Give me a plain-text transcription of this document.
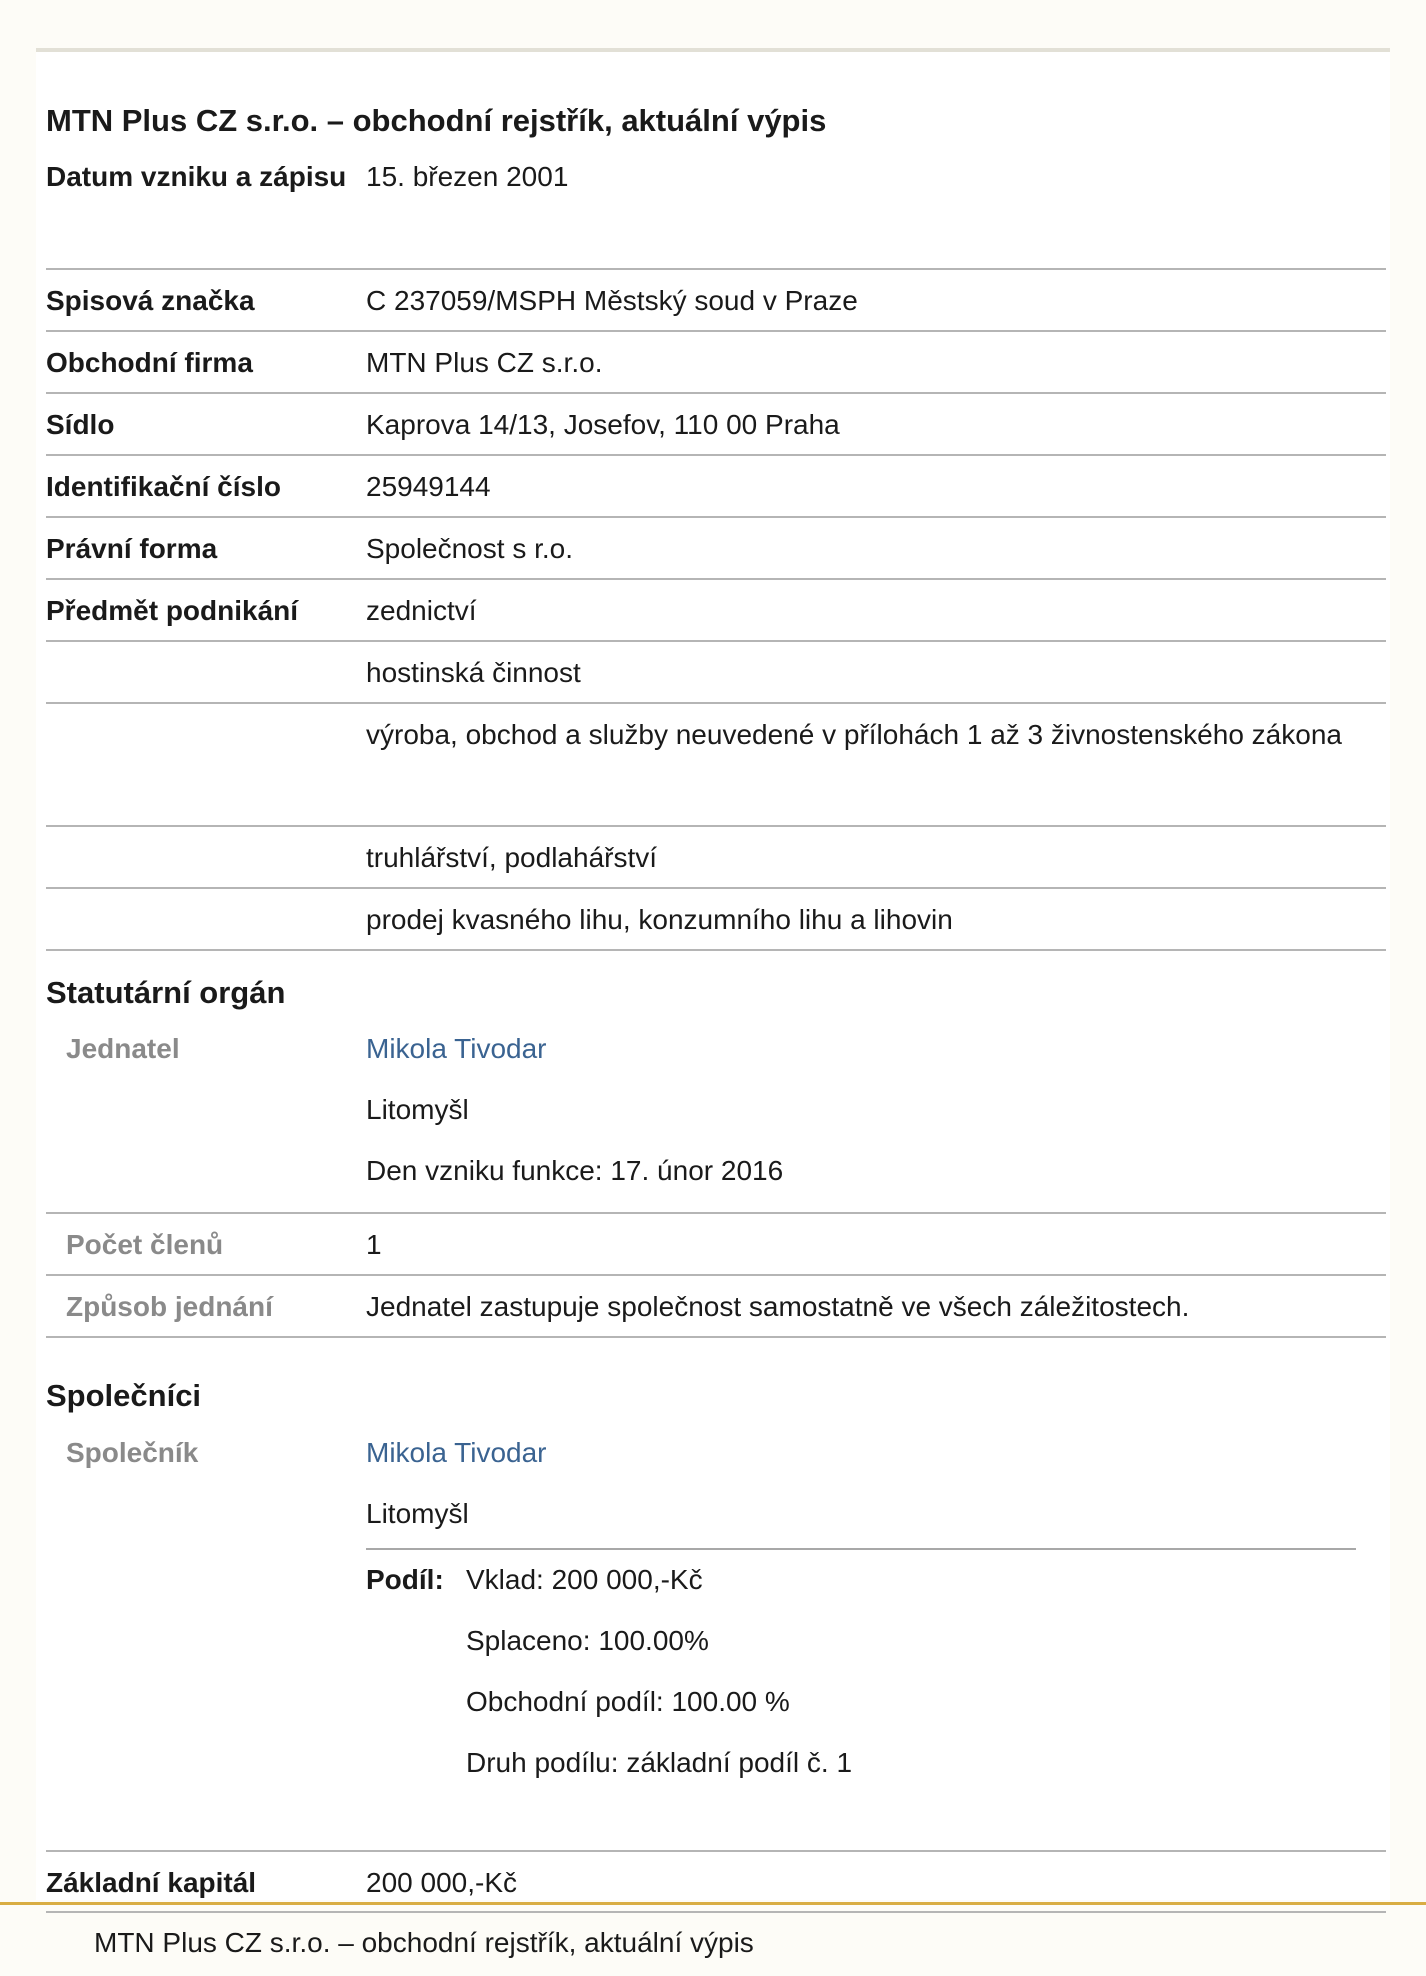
MTN Plus CZ s.r.o. – obchodní rejstřík, aktuální výpis
Datum vzniku a zápisu 15. březen 2001
Spisová značka	C 237059/MSPH Městský soud v Praze
Obchodní firma	MTN Plus CZ s.r.o.
Sídlo	Kaprova 14/13, Josefov, 110 00 Praha
Identifikační číslo	25949144
Právní forma	Společnost s r.o.
Předmět podnikání	zednictví
hostinská činnost
výroba, obchod a služby neuvedené v přílohách 1 až 3 živnostenského zákona
truhlářství, podlahářství
prodej kvasného lihu, konzumního lihu a lihovin
Statutární orgán
Jednatel	Mikola Tivodar
Litomyšl
Den vzniku funkce: 17. únor 2016
Počet členů	1
Způsob jednání	Jednatel zastupuje společnost samostatně ve všech záležitostech.
Společníci
Společník	Mikola Tivodar
Litomyšl
Podíl: Vklad: 200 000,-Kč
Splaceno: 100.00%
Obchodní podíl: 100.00 %
Druh podílu: základní podíl č. 1
Základní kapitál	200 000,-Kč
MTN Plus CZ s.r.o. – obchodní rejstřík, aktuální výpis
